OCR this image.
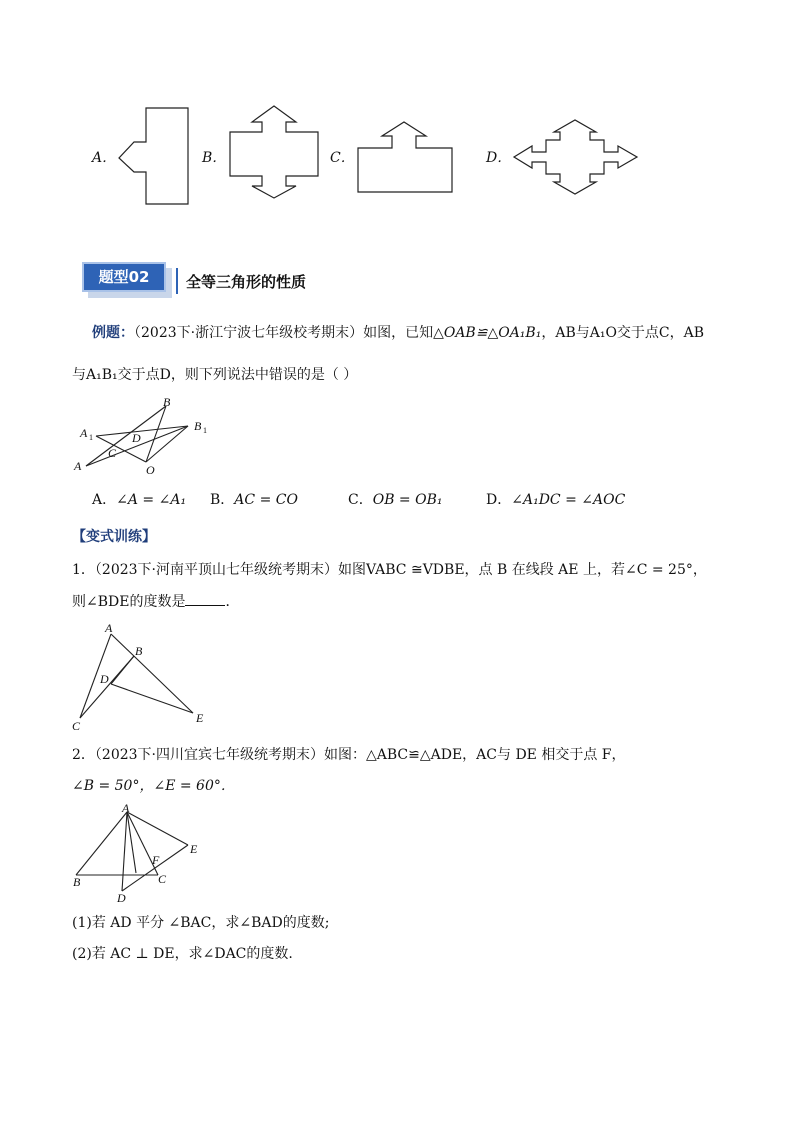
A．	B．	C．	D．
题型02	全等三角形的性质
例题：（2023下·浙江宁波七年级校考期末）如图，已知△OAB≌△OA₁B₁，AB与A₁O交于点C，AB
与A₁B₁交于点D，则下列说法中错误的是（ ）
B
A 1
B 1
D
C
A	O
A．∠A = ∠A₁ B．AC = CO	C．OB = OB₁	D．∠A₁DC = ∠AOC
【变式训练】
1．（2023下·河南平顶山七年级统考期末）如图VABC ≅VDBE，点 B 在线段 AE 上，若∠C = 25°，
则∠BDE的度数是	．
A
B
D
C
E
2．（2023下·四川宜宾七年级统考期末）如图：△ABC≌△ADE，AC与 DE 相交于点 F，
∠B = 50°，∠E = 60°．
A
E
F
B	C
D
(1)若 AD 平分 ∠BAC，求∠BAD的度数;
(2)若 AC ⊥ DE，求∠DAC的度数.
